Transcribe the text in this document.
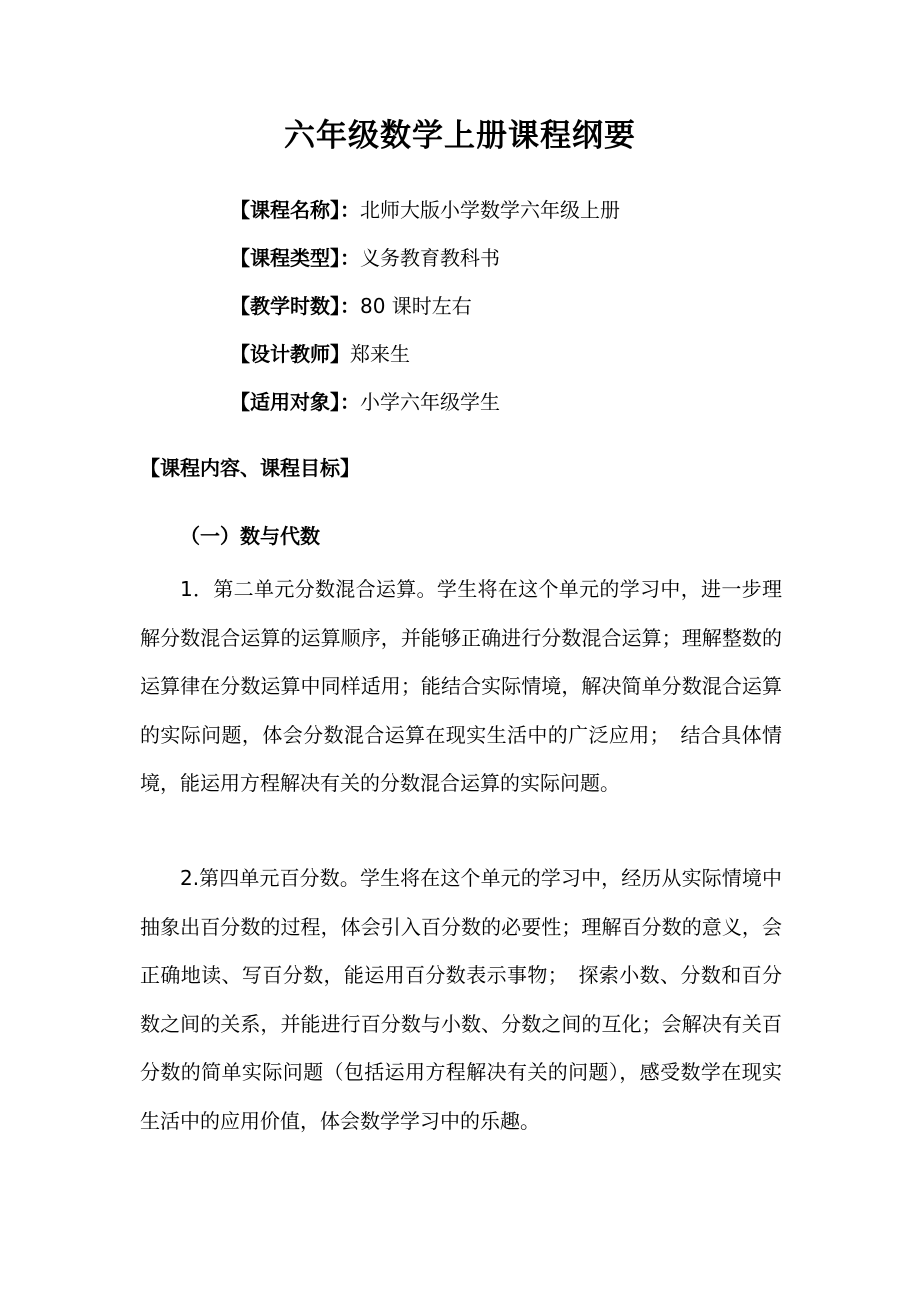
六年级数学上册课程纲要
【课程名称】：北师大版小学数学六年级上册
【课程类型】：义务教育教科书
【教学时数】：80 课时左右
【设计教师】郑来生
【适用对象】：小学六年级学生
【课程内容、课程目标】
（一）数与代数
1．第二单元分数混合运算。学生将在这个单元的学习中，进一步理解分数混合运算的运算顺序，并能够正确进行分数混合运算；理解整数的运算律在分数运算中同样适用；能结合实际情境，解决简单分数混合运算的实际问题，体会分数混合运算在现实生活中的广泛应用；　结合具体情境，能运用方程解决有关的分数混合运算的实际问题。
2.第四单元百分数。学生将在这个单元的学习中，经历从实际情境中抽象出百分数的过程，体会引入百分数的必要性；理解百分数的意义，会正确地读、写百分数，能运用百分数表示事物；　探索小数、分数和百分数之间的关系，并能进行百分数与小数、分数之间的互化；会解决有关百分数的简单实际问题（包括运用方程解决有关的问题），感受数学在现实生活中的应用价值，体会数学学习中的乐趣。
